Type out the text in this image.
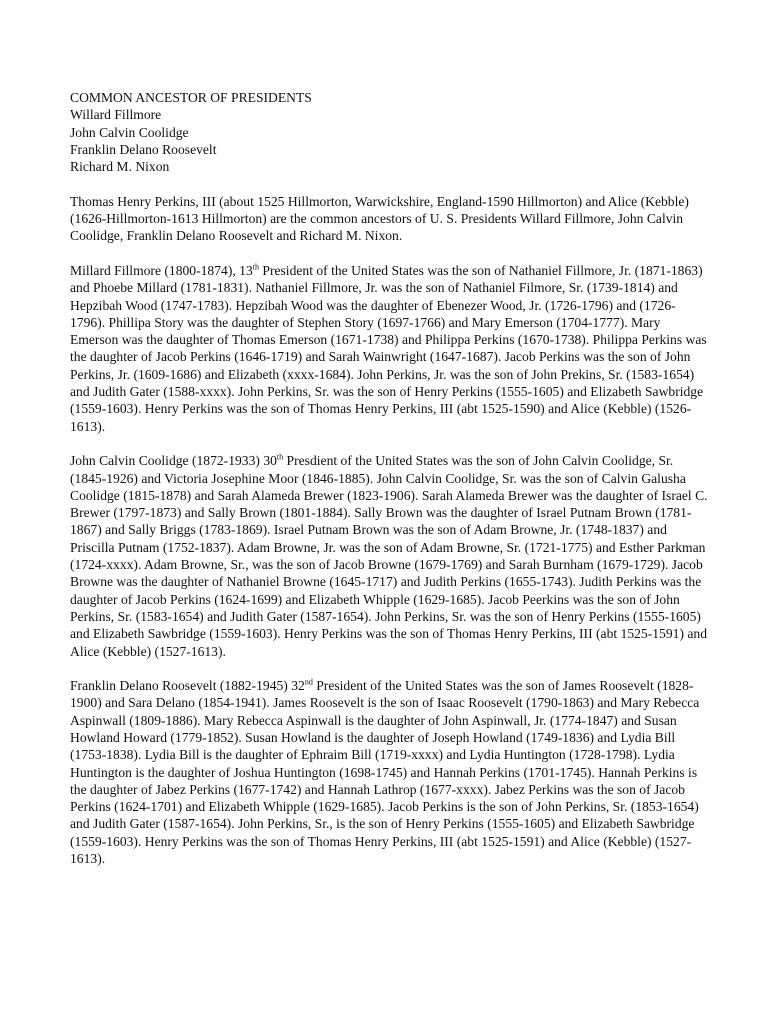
COMMON ANCESTOR OF PRESIDENTS
Willard Fillmore
John Calvin Coolidge
Franklin Delano Roosevelt
Richard M. Nixon

Thomas Henry Perkins, III (about 1525 Hillmorton, Warwickshire, England-1590 Hillmorton) and Alice (Kebble) (1626-Hillmorton-1613 Hillmorton) are the common ancestors of U. S. Presidents Willard Fillmore, John Calvin Coolidge, Franklin Delano Roosevelt and Richard M. Nixon.

Millard Fillmore (1800-1874), 13th President of the United States was the son of Nathaniel Fillmore, Jr. (1871-1863) and Phoebe Millard (1781-1831). Nathaniel Fillmore, Jr. was the son of Nathaniel Filmore, Sr. (1739-1814) and Hepzibah Wood (1747-1783). Hepzibah Wood was the daughter of Ebenezer Wood, Jr. (1726-1796) and (1726-1796). Phillipa Story was the daughter of Stephen Story (1697-1766) and Mary Emerson (1704-1777). Mary Emerson was the daughter of Thomas Emerson (1671-1738) and Philippa Perkins (1670-1738). Philippa Perkins was the daughter of Jacob Perkins (1646-1719) and Sarah Wainwright (1647-1687). Jacob Perkins was the son of John Perkins, Jr. (1609-1686) and Elizabeth (xxxx-1684). John Perkins, Jr. was the son of John Prekins, Sr. (1583-1654) and Judith Gater (1588-xxxx). John Perkins, Sr. was the son of Henry Perkins (1555-1605) and Elizabeth Sawbridge (1559-1603). Henry Perkins was the son of Thomas Henry Perkins, III (abt 1525-1590) and Alice (Kebble) (1526-1613).

John Calvin Coolidge (1872-1933) 30th Presdient of the United States was the son of John Calvin Coolidge, Sr. (1845-1926) and Victoria Josephine Moor (1846-1885). John Calvin Coolidge, Sr. was the son of Calvin Galusha Coolidge (1815-1878) and Sarah Alameda Brewer (1823-1906). Sarah Alameda Brewer was the daughter of Israel C. Brewer (1797-1873) and Sally Brown (1801-1884). Sally Brown was the daughter of Israel Putnam Brown (1781-1867) and Sally Briggs (1783-1869). Israel Putnam Brown was the son of Adam Browne, Jr. (1748-1837) and Priscilla Putnam (1752-1837). Adam Browne, Jr. was the son of Adam Browne, Sr. (1721-1775) and Esther Parkman (1724-xxxx). Adam Browne, Sr., was the son of Jacob Browne (1679-1769) and Sarah Burnham (1679-1729). Jacob Browne was the daughter of Nathaniel Browne (1645-1717) and Judith Perkins (1655-1743). Judith Perkins was the daughter of Jacob Perkins (1624-1699) and Elizabeth Whipple (1629-1685). Jacob Peerkins was the son of John Perkins, Sr. (1583-1654) and Judith Gater (1587-1654). John Perkins, Sr. was the son of Henry Perkins (1555-1605) and Elizabeth Sawbridge (1559-1603). Henry Perkins was the son of Thomas Henry Perkins, III (abt 1525-1591) and Alice (Kebble) (1527-1613).

Franklin Delano Roosevelt (1882-1945) 32nd President of the United States was the son of James Roosevelt (1828-1900) and Sara Delano (1854-1941). James Roosevelt is the son of Isaac Roosevelt (1790-1863) and Mary Rebecca Aspinwall (1809-1886). Mary Rebecca Aspinwall is the daughter of John Aspinwall, Jr. (1774-1847) and Susan Howland Howard (1779-1852). Susan Howland is the daughter of Joseph Howland (1749-1836) and Lydia Bill (1753-1838). Lydia Bill is the daughter of Ephraim Bill (1719-xxxx) and Lydia Huntington (1728-1798). Lydia Huntington is the daughter of Joshua Huntington (1698-1745) and Hannah Perkins (1701-1745). Hannah Perkins is the daughter of Jabez Perkins (1677-1742) and Hannah Lathrop (1677-xxxx). Jabez Perkins was the son of Jacob Perkins (1624-1701) and Elizabeth Whipple (1629-1685). Jacob Perkins is the son of John Perkins, Sr. (1853-1654) and Judith Gater (1587-1654). John Perkins, Sr., is the son of Henry Perkins (1555-1605) and Elizabeth Sawbridge (1559-1603). Henry Perkins was the son of Thomas Henry Perkins, III (abt 1525-1591) and Alice (Kebble) (1527-1613).
